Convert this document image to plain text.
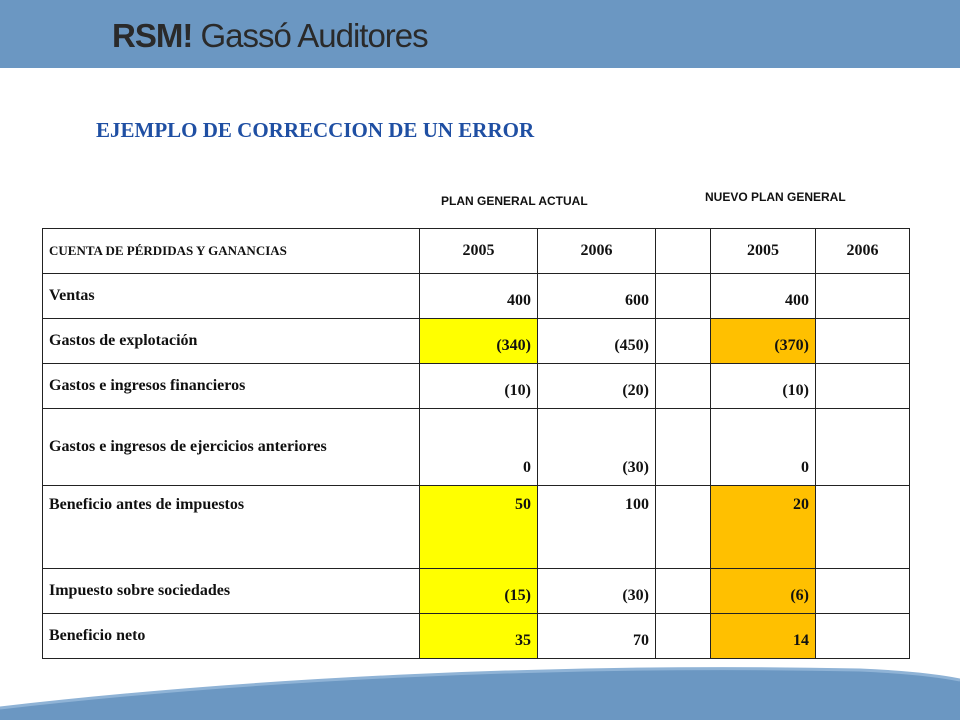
RSM! Gassó Auditores
EJEMPLO DE CORRECCION DE UN ERROR
PLAN GENERAL ACTUAL	NUEVO PLAN GENERAL
CUENTA DE PÉRDIDAS Y GANANCIAS	2005	2006		2005	2006
Ventas	400	600		400	
Gastos de explotación	(340)	(450)		(370)	
Gastos e ingresos financieros	(10)	(20)		(10)	
Gastos e ingresos de ejercicios anteriores	0	(30)		0	
Beneficio antes de impuestos	50	100		20	
Impuesto sobre sociedades	(15)	(30)		(6)	
Beneficio neto	35	70		14	
